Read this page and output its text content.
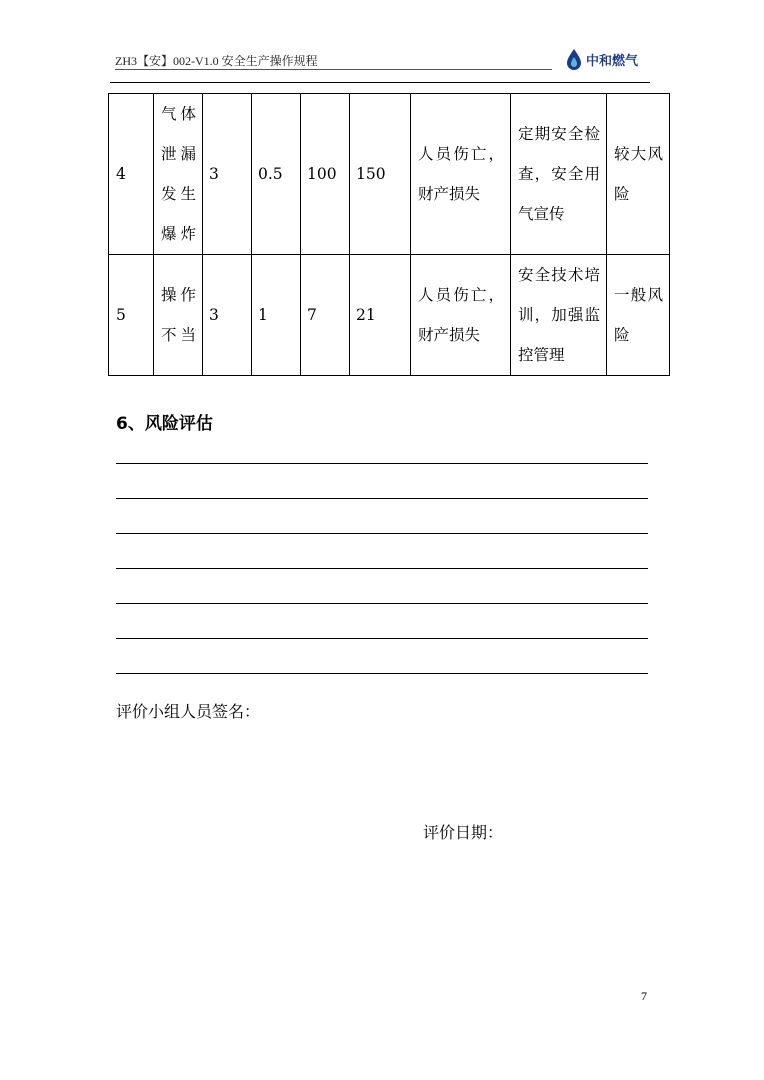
ZH3【安】002-V1.0 安全生产操作规程	中和燃气
4	气体泄漏发生爆炸	3	0.5	100	150	人员伤亡，财产损失	定期安全检查，安全用气宣传	较大风险

5	操作不当	3	1	7	21	人员伤亡，财产损失	安全技术培训，加强监控管理	一般风险
6、风险评估
评价小组人员签名：
评价日期：
7
